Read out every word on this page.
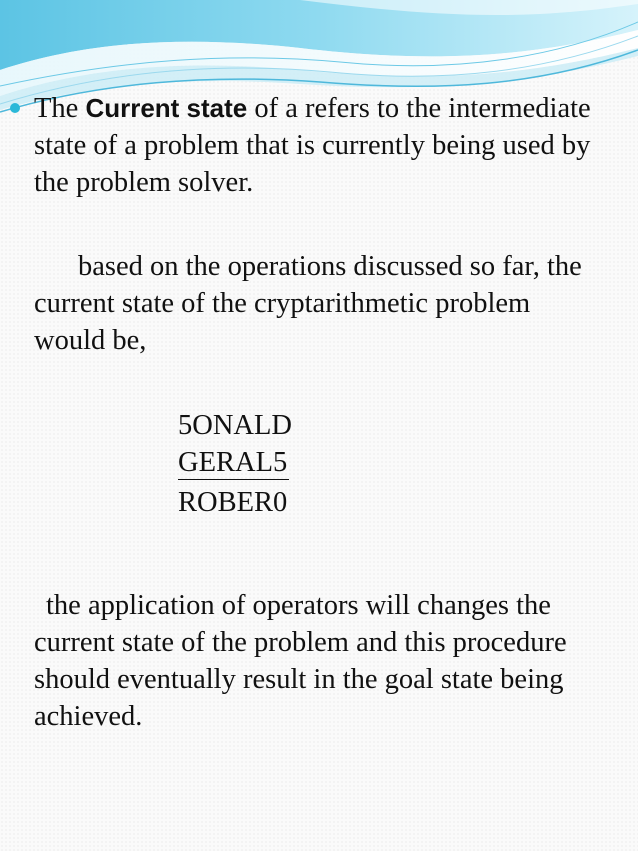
The Current state of a refers to the intermediate state of a problem that is currently being used by the problem solver.

based on the operations discussed so far, the current state of the cryptarithmetic problem would be,

5ONALD
GERAL5
ROBER0

the application of operators will changes the current state of the problem and this procedure should eventually result in the goal state being achieved.
